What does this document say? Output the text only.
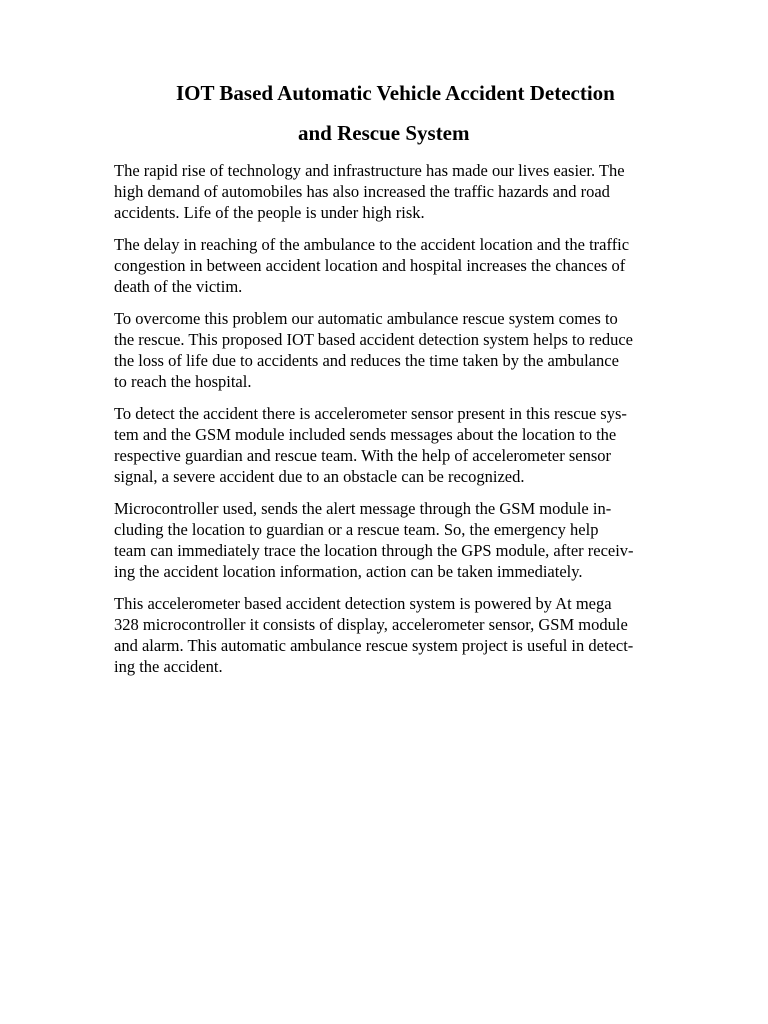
IOT Based Automatic Vehicle Accident Detection
and Rescue System

The rapid rise of technology and infrastructure has made our lives easier. The
high demand of automobiles has also increased the traffic hazards and road
accidents. Life of the people is under high risk.

The delay in reaching of the ambulance to the accident location and the traffic
congestion in between accident location and hospital increases the chances of
death of the victim.

To overcome this problem our automatic ambulance rescue system comes to
the rescue. This proposed IOT based accident detection system helps to reduce
the loss of life due to accidents and reduces the time taken by the ambulance
to reach the hospital.

To detect the accident there is accelerometer sensor present in this rescue sys-
tem and the GSM module included sends messages about the location to the
respective guardian and rescue team. With the help of accelerometer sensor
signal, a severe accident due to an obstacle can be recognized.

Microcontroller used, sends the alert message through the GSM module in-
cluding the location to guardian or a rescue team. So, the emergency help
team can immediately trace the location through the GPS module, after receiv-
ing the accident location information, action can be taken immediately.

This accelerometer based accident detection system is powered by At mega
328 microcontroller it consists of display, accelerometer sensor, GSM module
and alarm. This automatic ambulance rescue system project is useful in detect-
ing the accident.
